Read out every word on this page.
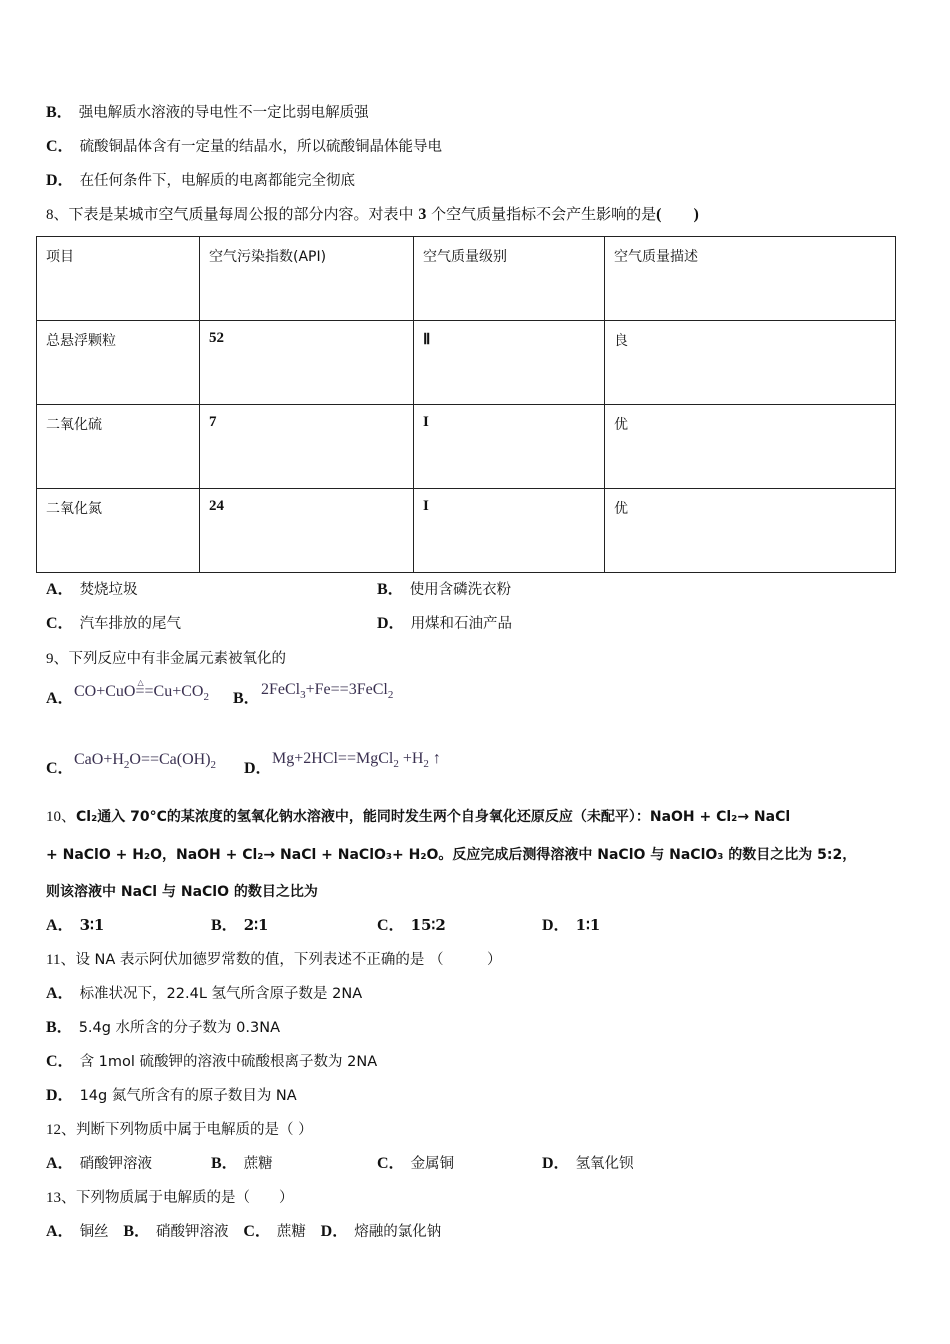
B． 强电解质水溶液的导电性不一定比弱电解质强
C． 硫酸铜晶体含有一定量的结晶水，所以硫酸铜晶体能导电
D． 在任何条件下，电解质的电离都能完全彻底
8、下表是某城市空气质量每周公报的部分内容。对表中 3 个空气质量指标不会产生影响的是(　　)
项目	空气污染指数(API)	空气质量级别	空气质量描述
总悬浮颗粒	52	Ⅱ	良
二氧化硫	7	I	优
二氧化氮	24	I	优
A． 焚烧垃圾	B． 使用含磷洗衣粉
C． 汽车排放的尾气	D． 用煤和石油产品
9、下列反应中有非金属元素被氧化的
A． CO+CuO△ $==Cu+CO_2$ B．
2FeCl$_3$+Fe==3FeCl$_2$
C．
$CaO+H_2O==Ca(OH)_2$ D．
Mg+2HCl==MgCl$_2$ $+H_2$ ↑
10、Cl₂通入 70°C的某浓度的氢氧化钠水溶液中，能同时发生两个自身氧化还原反应（未配平）：NaOH + Cl₂→ NaCl
+ NaClO + H₂O，NaOH + Cl₂→ NaCl + NaClO₃+ H₂O。反应完成后测得溶液中 NaClO 与 NaClO₃ 的数目之比为 5:2，
则该溶液中 NaCl 与 NaClO 的数目之比为
A． 3∶1	B． 2∶1	C． 15∶2	D． 1∶1
11、设 NA 表示阿伏加德罗常数的值，下列表述不正确的是 （　　　）
A． 标准状况下，22.4L 氢气所含原子数是 2NA
B． 5.4g 水所含的分子数为 0.3NA
C． 含 1mol 硫酸钾的溶液中硫酸根离子数为 2NA
D． 14g 氮气所含有的原子数目为 NA
12、判断下列物质中属于电解质的是（ ）
A． 硝酸钾溶液	B． 蔗糖	C． 金属铜	D． 氢氧化钡
13、下列物质属于电解质的是（　　）
A． 铜丝 B． 硝酸钾溶液 C． 蔗糖 D． 熔融的氯化钠
